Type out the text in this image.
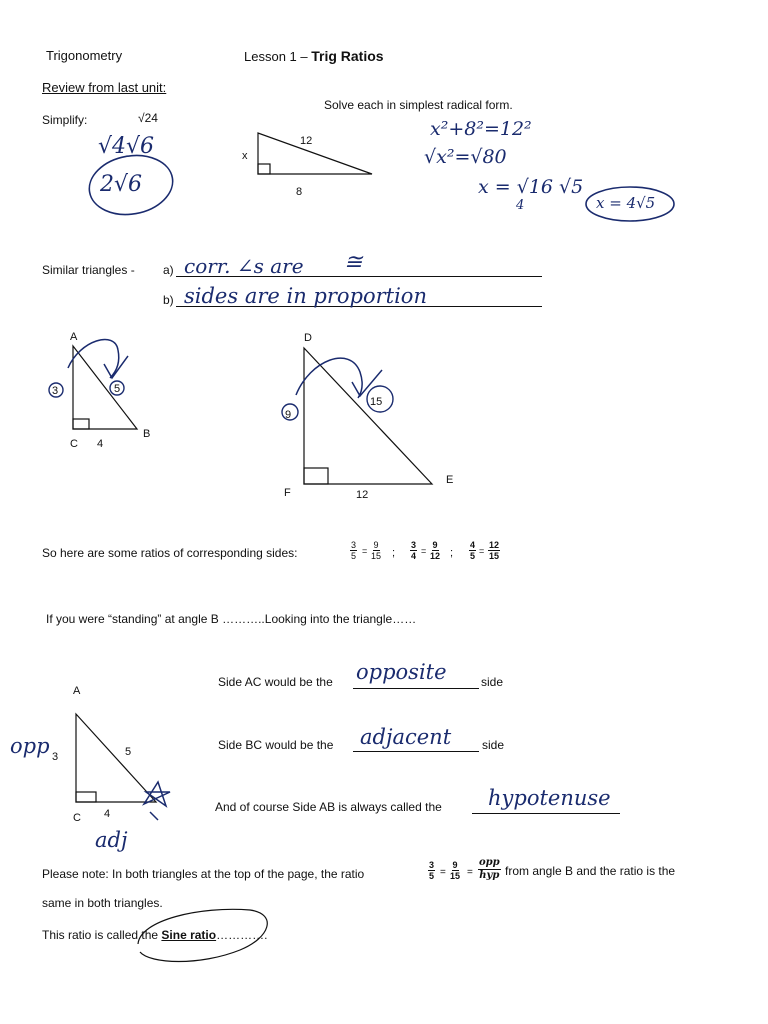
Trigonometry	Lesson 1 – Trig Ratios
Review from last unit:
Simplify:	√24
√4√6
2√6
Solve each in simplest radical form.
12
x
8
x²+8²=12²
√x²=√80
x = √16 √5
4	x = 4√5
Similar triangles - a) corr. ∠s are ≅
b) sides are in proportion
A
B
C
3	5
4
D
E
F
9
15
12
So here are some ratios of corresponding sides:	$\frac{3}{5} = \frac{9}{15}$ ; $\frac{3}{4} = \frac{9}{12}$ ; $\frac{4}{5} = \frac{12}{15}$
If you were “standing” at angle B ………..Looking into the triangle……
A
C
3	5
4
opp
adj
Side AC would be the opposite	side
Side BC would be the adjacent	side
And of course Side AB is always called the hypotenuse
Please note: In both triangles at the top of the page, the ratio	$\frac{3}{5} = \frac{9}{15}$ =
opp
hyp from angle B and the ratio is the
same in both triangles.
This ratio is called the Sine ratio………….
